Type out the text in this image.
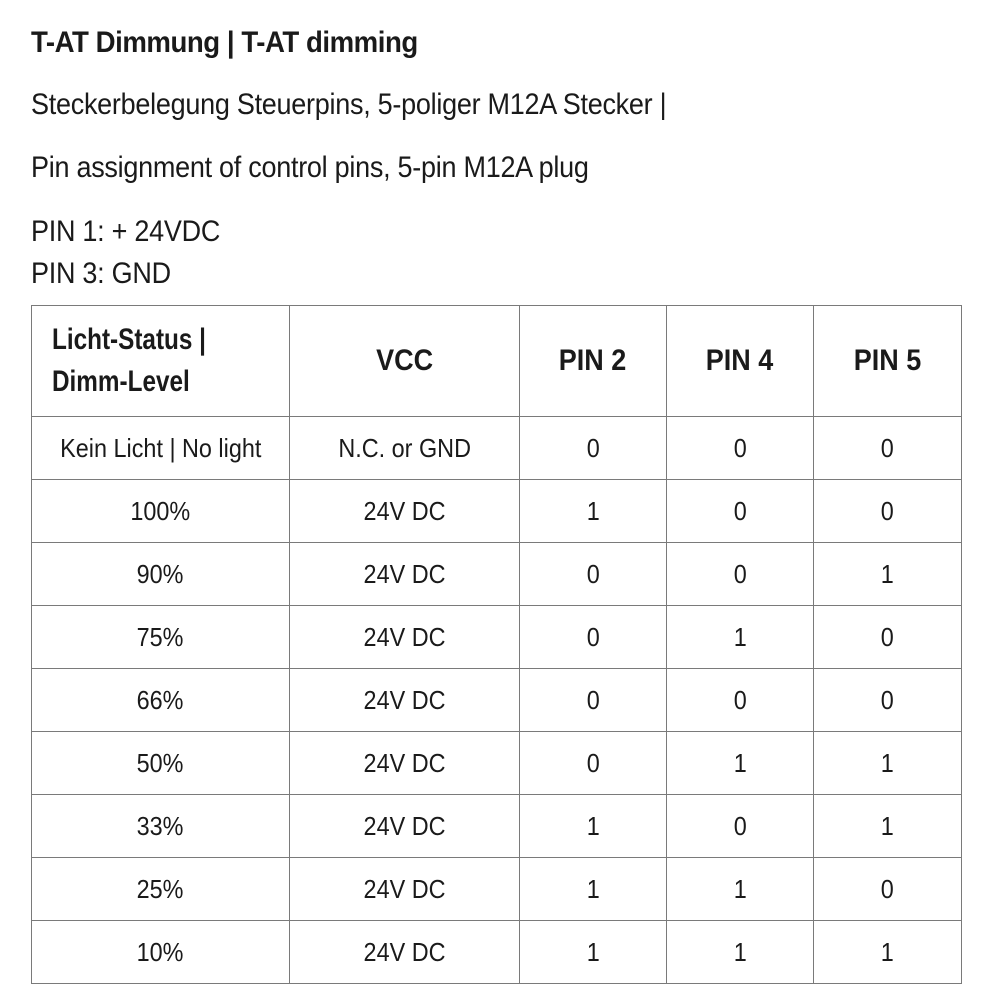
T-AT Dimmung | T-AT dimming
Steckerbelegung Steuerpins, 5-poliger M12A Stecker |
Pin assignment of control pins, 5-pin M12A plug
PIN 1: + 24VDC
PIN 3: GND
Licht-Status |
Dimm-Level	VCC	PIN 2	PIN 4	PIN 5
Kein Licht | No light	N.C. or GND	0	0	0
100%	24V DC	1	0	0
90%	24V DC	0	0	1
75%	24V DC	0	1	0
66%	24V DC	0	0	0
50%	24V DC	0	1	1
33%	24V DC	1	0	1
25%	24V DC	1	1	0
10%	24V DC	1	1	1
